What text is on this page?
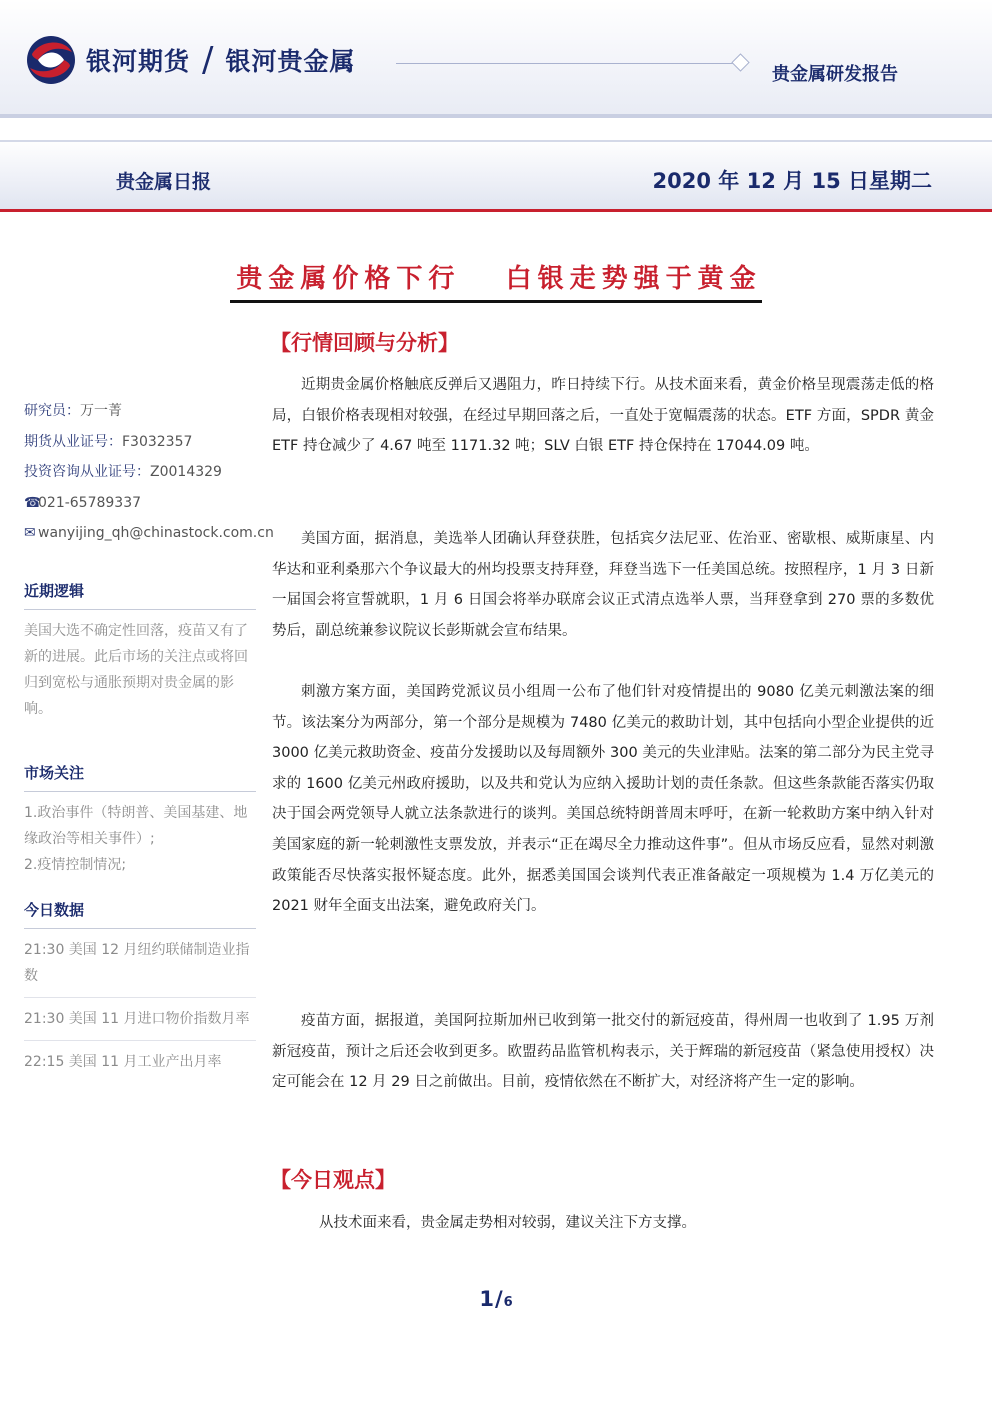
银河期货 / 银河贵金属	贵金属研发报告
贵金属日报	2020 年 12 月 15 日星期二
贵金属价格下行   白银走势强于黄金
研究员：万一菁
期货从业证号：F3032357
投资咨询从业证号：Z0014329
☎021-65789337
✉ wanyijing_qh@chinastock.com.cn
近期逻辑
美国大选不确定性回落，疫苗又有了新的进展。此后市场的关注点或将回归到宽松与通胀预期对贵金属的影响。
市场关注
1.政治事件（特朗普、美国基建、地缘政治等相关事件）;
2.疫情控制情况;
今日数据
21:30 美国 12 月纽约联储制造业指数
21:30 美国 11 月进口物价指数月率
22:15 美国 11 月工业产出月率
【行情回顾与分析】
近期贵金属价格触底反弹后又遇阻力，昨日持续下行。从技术面来看，黄金价格呈现震荡走低的格局，白银价格表现相对较强，在经过早期回落之后，一直处于宽幅震荡的状态。ETF 方面，SPDR 黄金 ETF 持仓减少了 4.67 吨至 1171.32 吨；SLV 白银 ETF 持仓保持在 17044.09 吨。
美国方面，据消息，美选举人团确认拜登获胜，包括宾夕法尼亚、佐治亚、密歇根、威斯康星、内华达和亚利桑那六个争议最大的州均投票支持拜登，拜登当选下一任美国总统。按照程序，1 月 3 日新一届国会将宣誓就职，1 月 6 日国会将举办联席会议正式清点选举人票，当拜登拿到 270 票的多数优势后，副总统兼参议院议长彭斯就会宣布结果。
刺激方案方面，美国跨党派议员小组周一公布了他们针对疫情提出的 9080 亿美元刺激法案的细节。该法案分为两部分，第一个部分是规模为 7480 亿美元的救助计划，其中包括向小型企业提供的近 3000 亿美元救助资金、疫苗分发援助以及每周额外 300 美元的失业津贴。法案的第二部分为民主党寻求的 1600 亿美元州政府援助，以及共和党认为应纳入援助计划的责任条款。但这些条款能否落实仍取决于国会两党领导人就立法条款进行的谈判。美国总统特朗普周末呼吁，在新一轮救助方案中纳入针对美国家庭的新一轮刺激性支票发放，并表示“正在竭尽全力推动这件事”。但从市场反应看，显然对刺激政策能否尽快落实报怀疑态度。此外，据悉美国国会谈判代表正准备敲定一项规模为 1.4 万亿美元的 2021 财年全面支出法案，避免政府关门。
疫苗方面，据报道，美国阿拉斯加州已收到第一批交付的新冠疫苗，得州周一也收到了 1.95 万剂新冠疫苗，预计之后还会收到更多。欧盟药品监管机构表示，关于辉瑞的新冠疫苗（紧急使用授权）决定可能会在 12 月 29 日之前做出。目前，疫情依然在不断扩大，对经济将产生一定的影响。
【今日观点】
从技术面来看，贵金属走势相对较弱，建议关注下方支撑。
1/6
